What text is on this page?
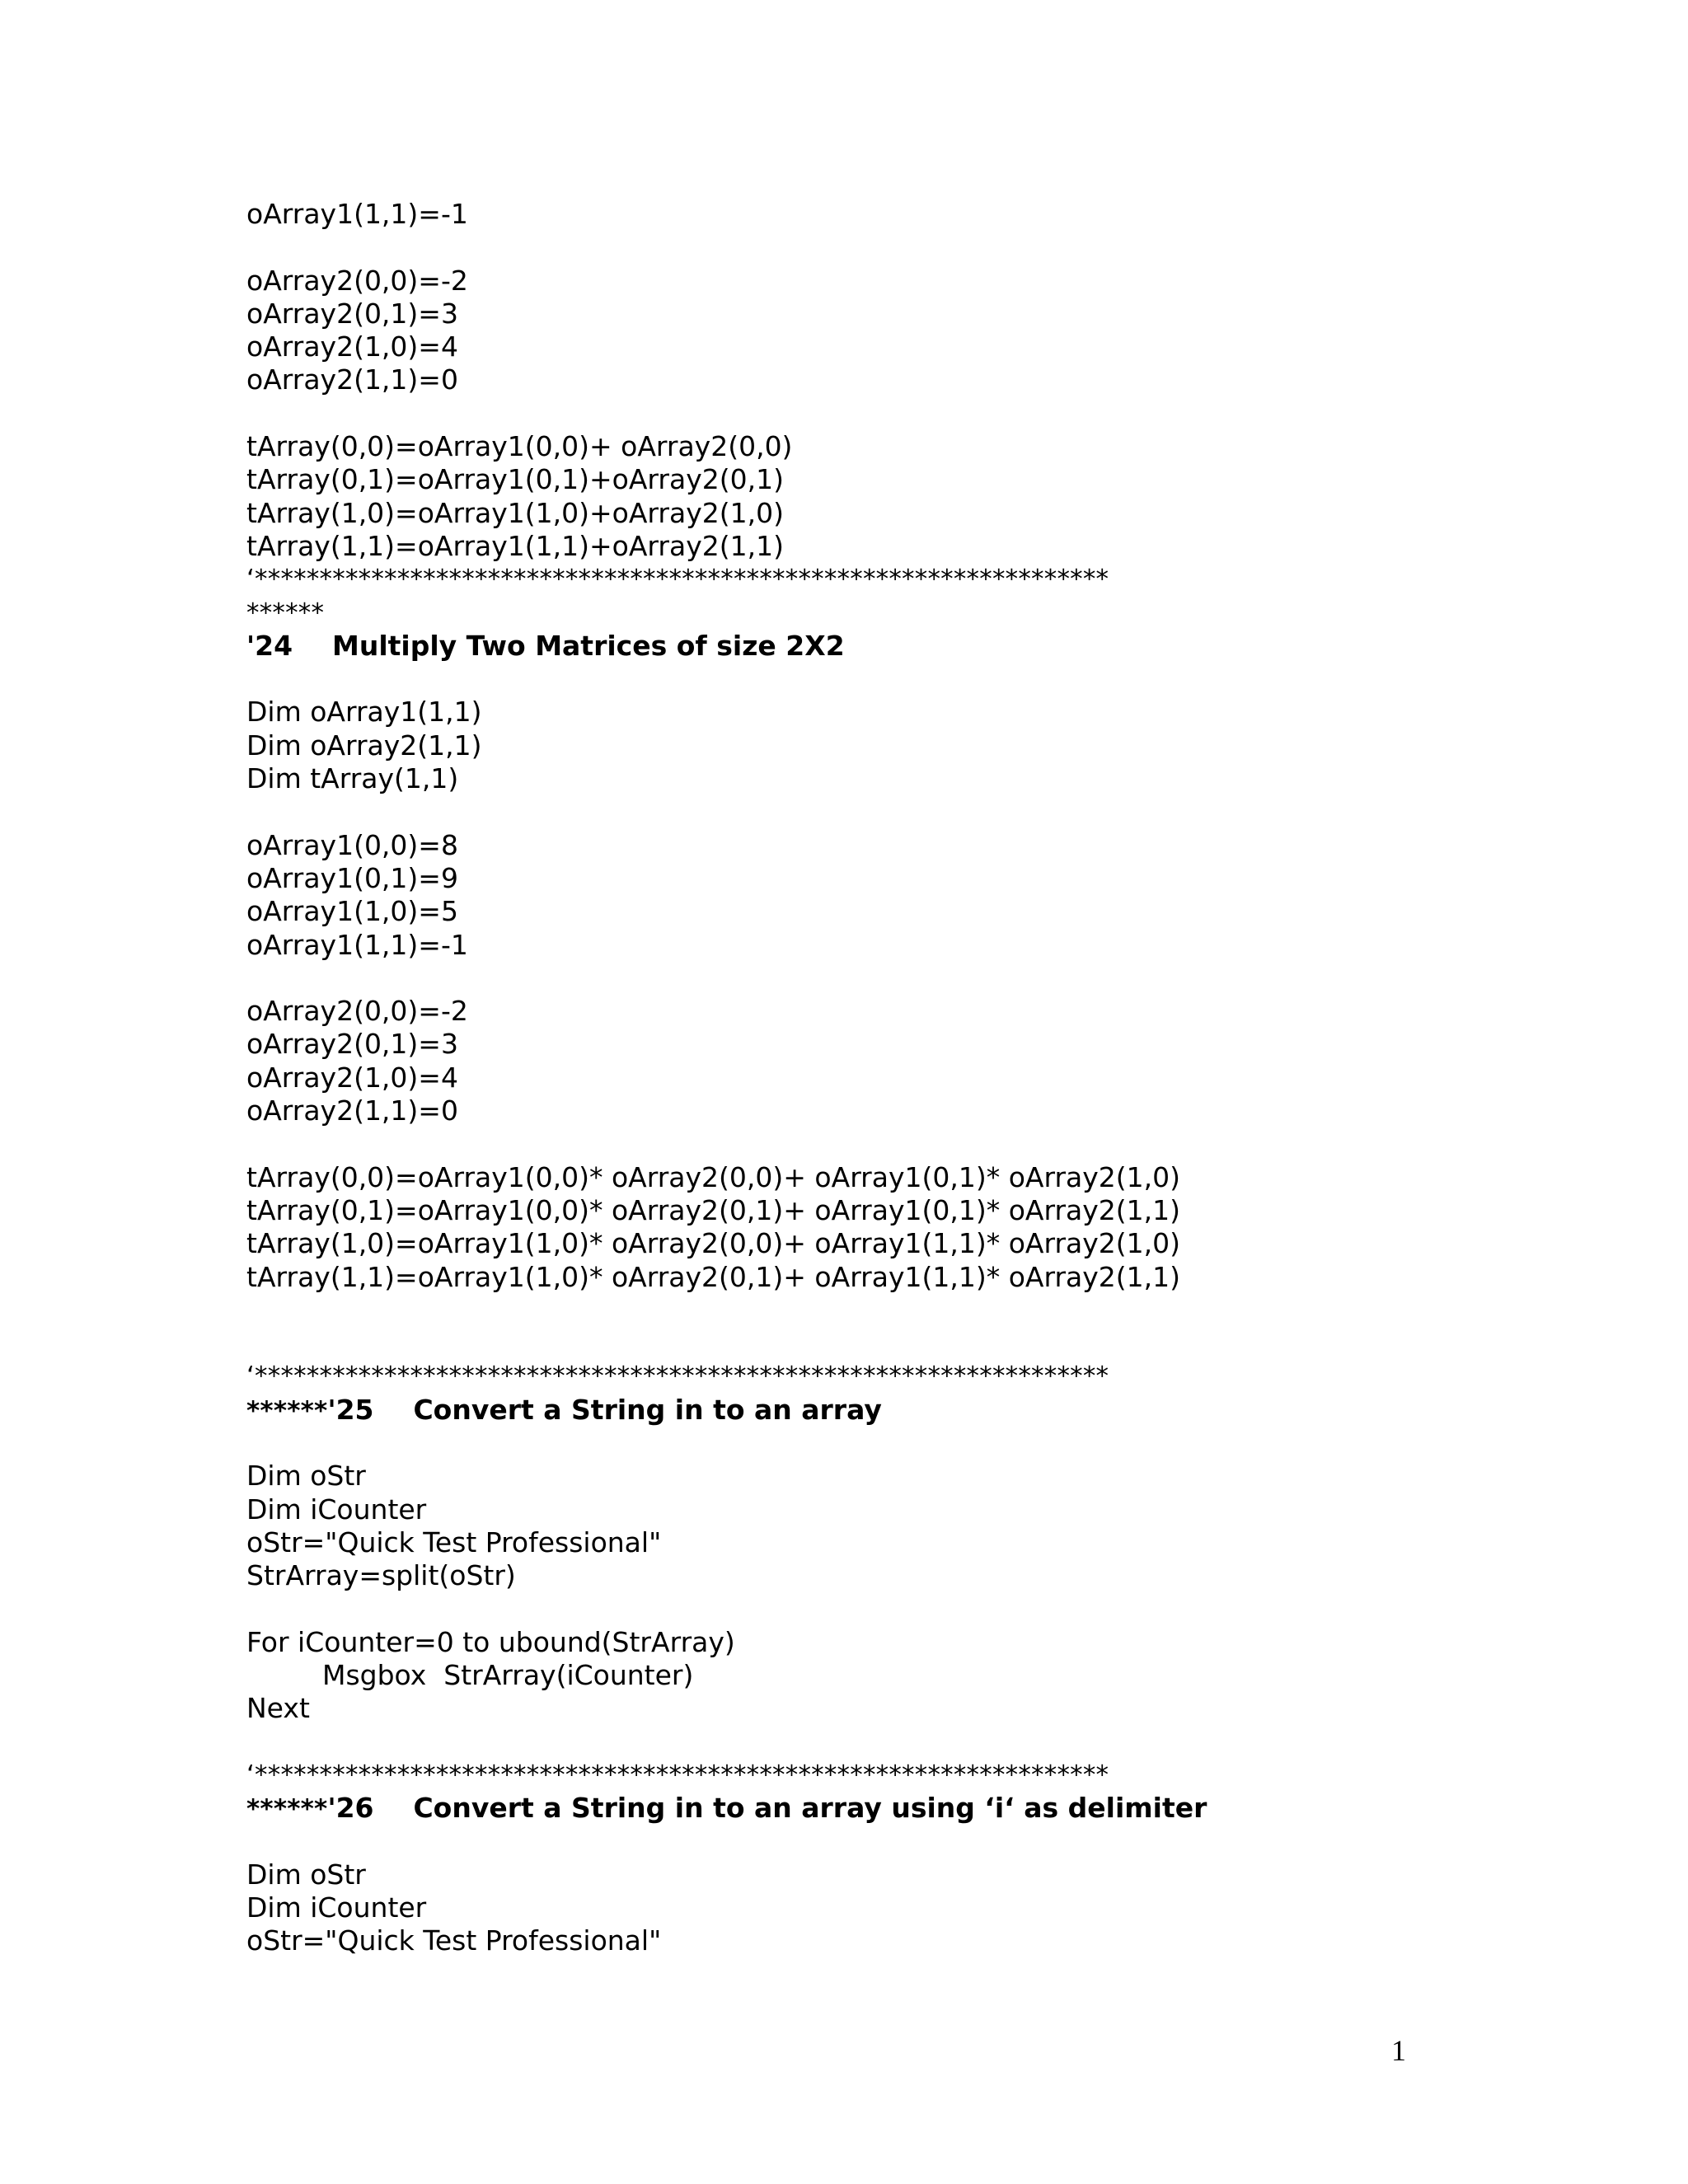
oArray1(1,1)=-1
oArray2(0,0)=-2
oArray2(0,1)=3
oArray2(1,0)=4
oArray2(1,1)=0
tArray(0,0)=oArray1(0,0)+ oArray2(0,0)
tArray(0,1)=oArray1(0,1)+oArray2(0,1)
tArray(1,0)=oArray1(1,0)+oArray2(1,0)
tArray(1,1)=oArray1(1,1)+oArray2(1,1)
‘******************************************************************
******
'24 Multiply Two Matrices of size 2X2
Dim oArray1(1,1)
Dim oArray2(1,1)
Dim tArray(1,1)
oArray1(0,0)=8
oArray1(0,1)=9
oArray1(1,0)=5
oArray1(1,1)=-1
oArray2(0,0)=-2
oArray2(0,1)=3
oArray2(1,0)=4
oArray2(1,1)=0
tArray(0,0)=oArray1(0,0)* oArray2(0,0)+ oArray1(0,1)* oArray2(1,0)
tArray(0,1)=oArray1(0,0)* oArray2(0,1)+ oArray1(0,1)* oArray2(1,1)
tArray(1,0)=oArray1(1,0)* oArray2(0,0)+ oArray1(1,1)* oArray2(1,0)
tArray(1,1)=oArray1(1,0)* oArray2(0,1)+ oArray1(1,1)* oArray2(1,1)
‘******************************************************************
******'25 Convert a String in to an array
Dim oStr
Dim iCounter
oStr="Quick Test Professional"
StrArray=split(oStr)
For iCounter=0 to ubound(StrArray)
Msgbox  StrArray(iCounter)
Next
‘******************************************************************
******'26 Convert a String in to an array using ‘i‘ as delimiter
Dim oStr
Dim iCounter
oStr="Quick Test Professional"
1
